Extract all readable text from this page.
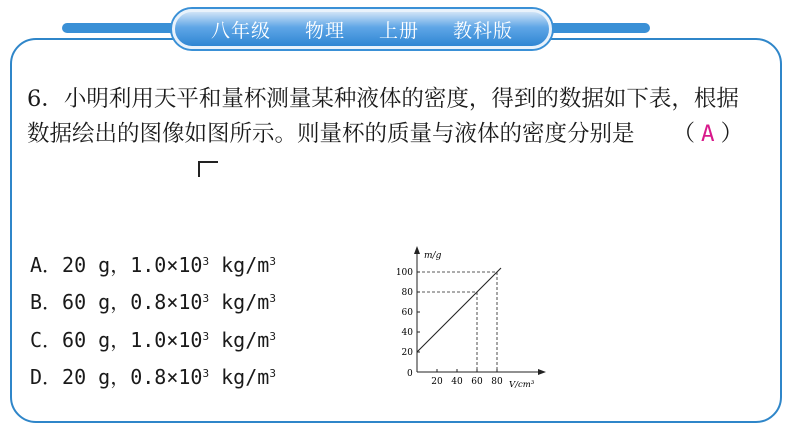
八年级 物理 上册 教科版
6．小明利用天平和量杯测量某种液体的密度，得到的数据如下表，根据
数据绘出的图像如图所示。则量杯的质量与液体的密度分别是 （ A ）
A．20 g，$1.0\times 10^3$ $kg/m^3$
B．60 g，$0.8\times 10^3$ $kg/m^3$
C．60 g，$1.0\times 10^3$ $kg/m^3$
D．20 g，$0.8\times 10^3$ $kg/m^3$
20
40
60
80
100
20 40 60 80
m/g
V/cm³
0
